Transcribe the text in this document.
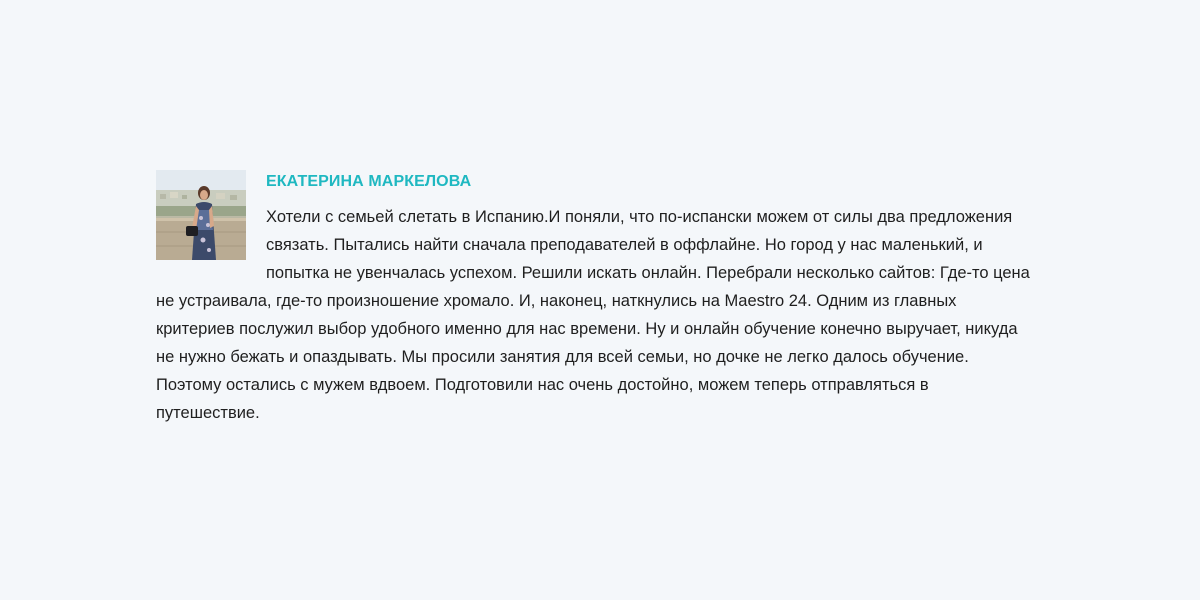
ЕКАТЕРИНА МАРКЕЛОВА

Хотели с семьей слетать в Испанию.И поняли, что по-испански можем от силы два предложения связать. Пытались найти сначала преподавателей в оффлайне. Но город у нас маленький, и попытка не увенчалась успехом. Решили искать онлайн. Перебрали несколько сайтов: Где-то цена не устраивала, где-то произношение хромало. И, наконец, наткнулись на Maestro 24. Одним из главных критериев послужил выбор удобного именно для нас времени. Ну и онлайн обучение конечно выручает, никуда не нужно бежать и опаздывать. Мы просили занятия для всей семьи, но дочке не легко далось обучение. Поэтому остались с мужем вдвоем. Подготовили нас очень достойно, можем теперь отправляться в путешествие.
